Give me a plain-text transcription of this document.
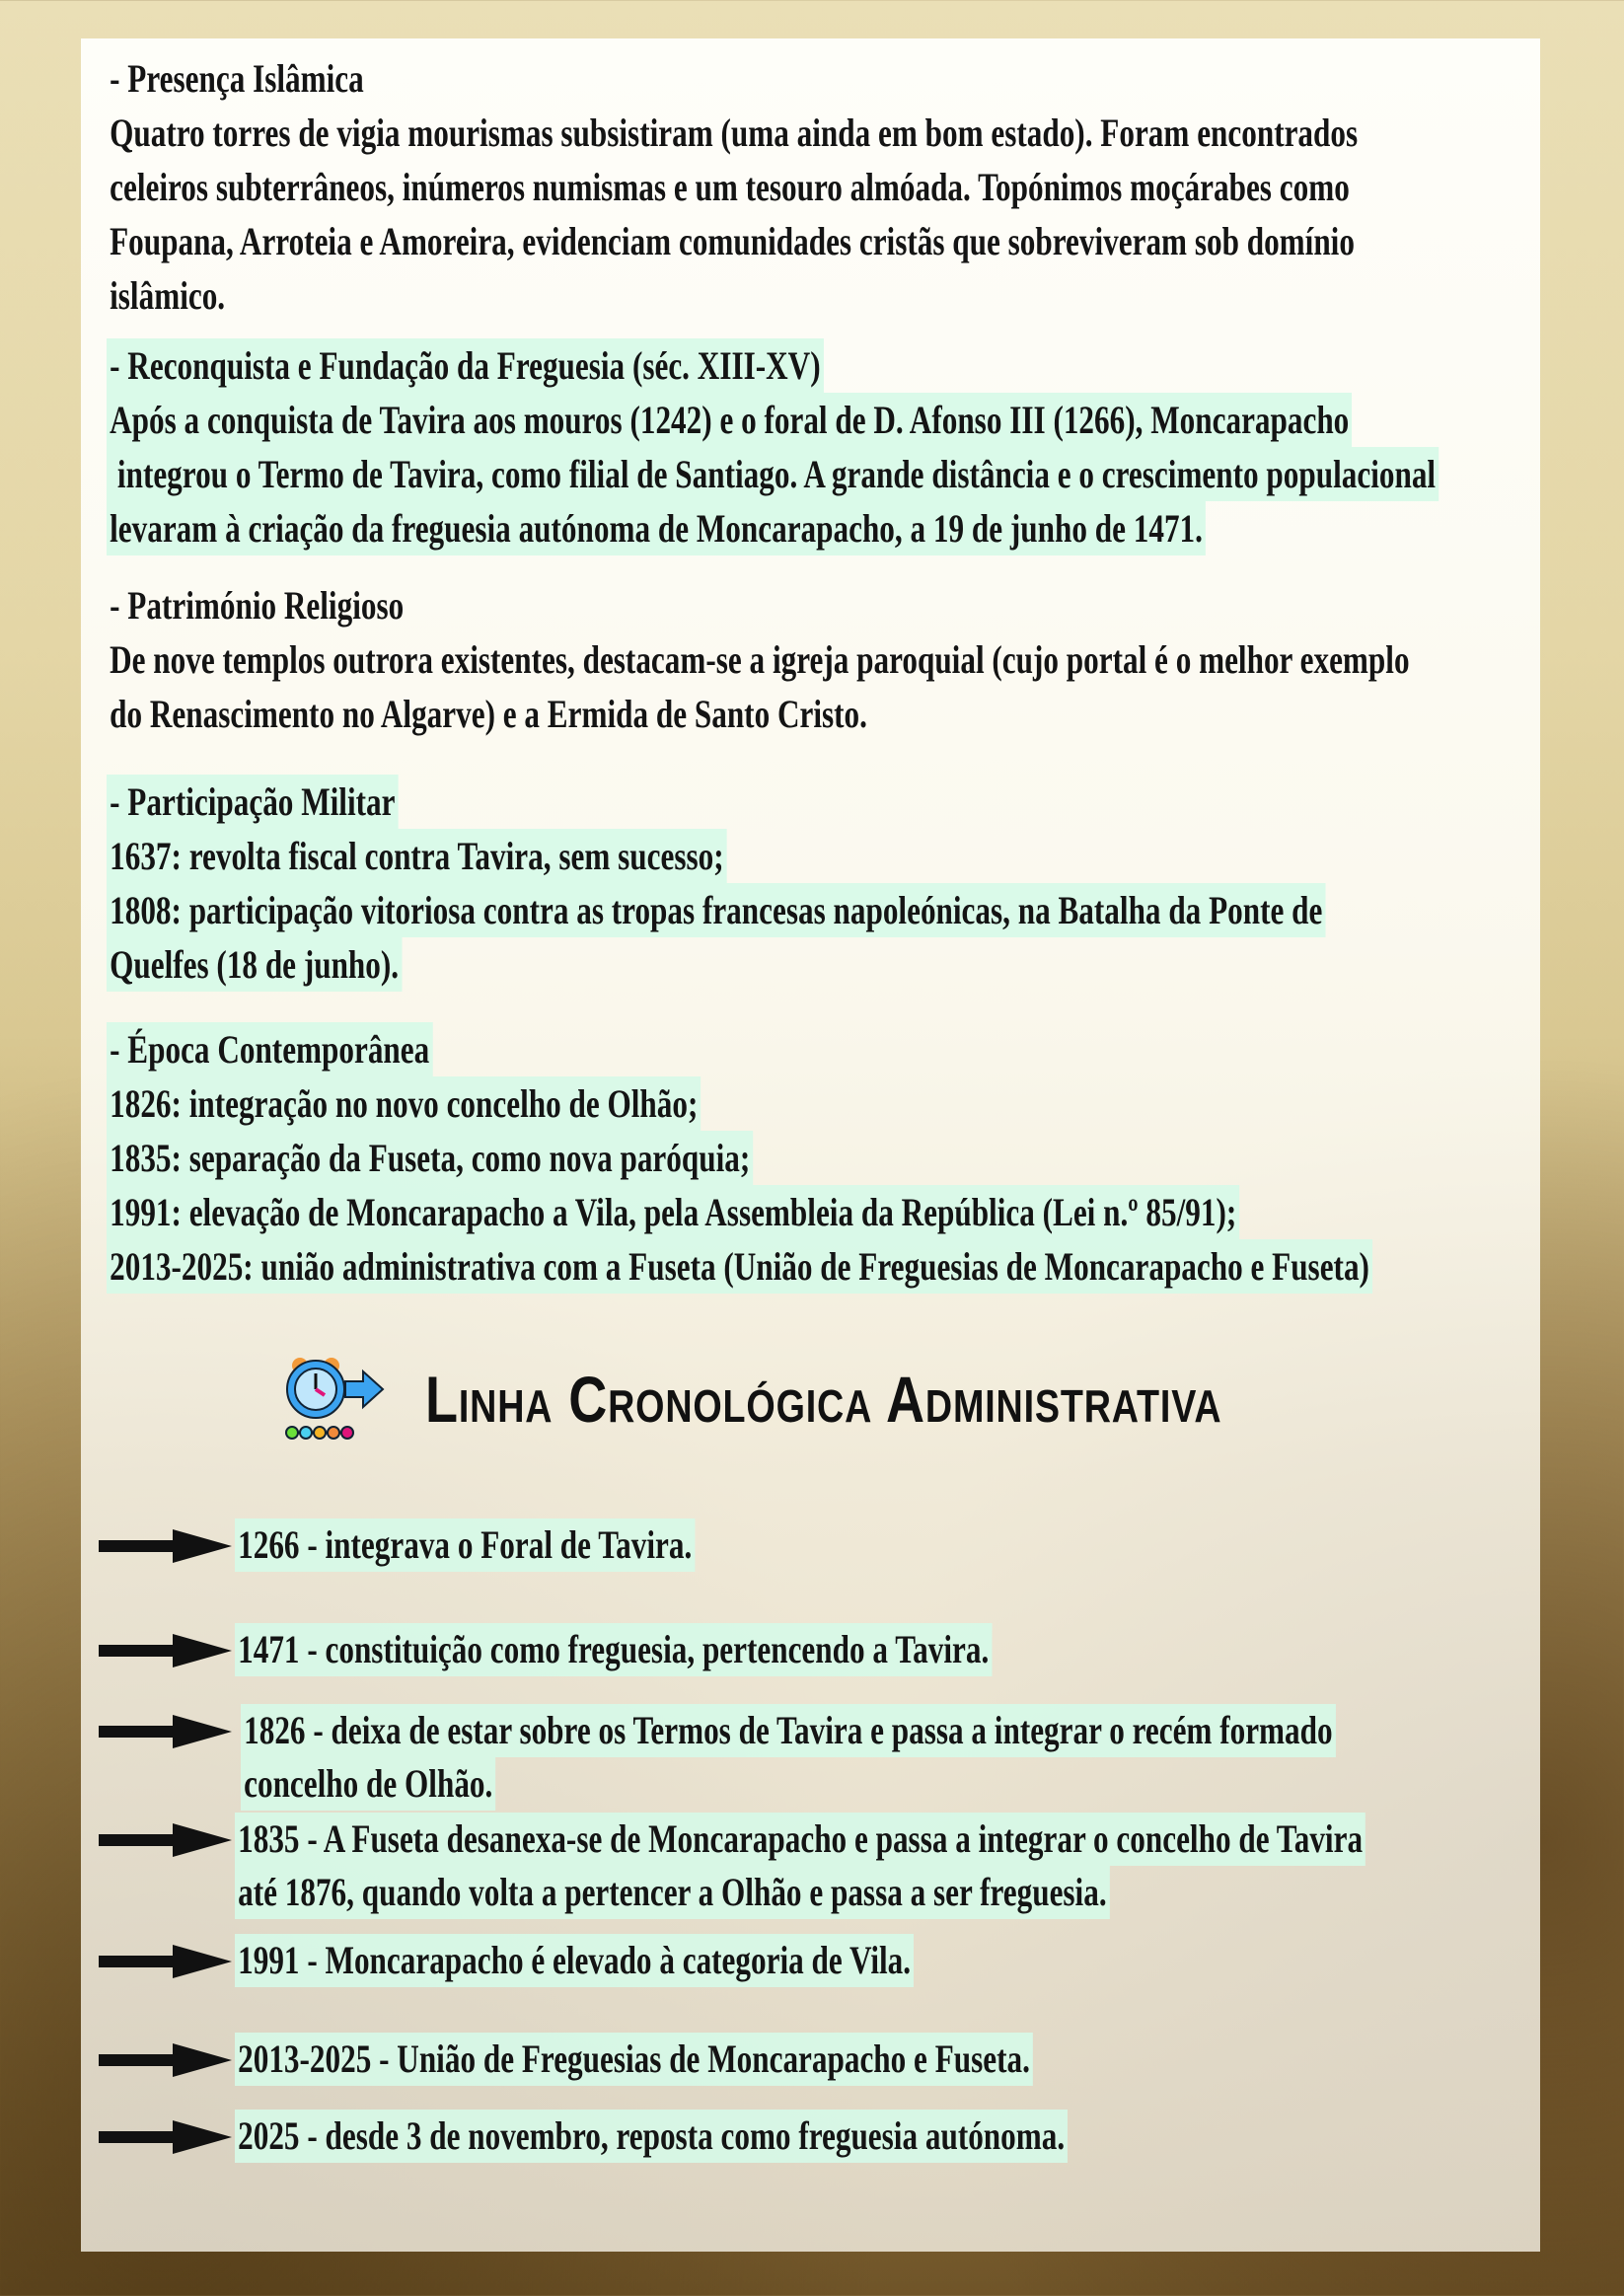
- Presença Islâmica
Quatro torres de vigia mourismas subsistiram (uma ainda em bom estado). Foram encontrados
celeiros subterrâneos, inúmeros numismas e um tesouro almóada. Topónimos moçárabes como
Foupana, Arroteia e Amoreira, evidenciam comunidades cristãs que sobreviveram sob domínio
islâmico.
- Reconquista e Fundação da Freguesia (séc. XIII-XV)
Após a conquista de Tavira aos mouros (1242) e o foral de D. Afonso III (1266), Moncarapacho
integrou o Termo de Tavira, como filial de Santiago. A grande distância e o crescimento populacional
levaram à criação da freguesia autónoma de Moncarapacho, a 19 de junho de 1471.
- Património Religioso
De nove templos outrora existentes, destacam-se a igreja paroquial (cujo portal é o melhor exemplo
do Renascimento no Algarve) e a Ermida de Santo Cristo.
- Participação Militar
1637: revolta fiscal contra Tavira, sem sucesso;
1808: participação vitoriosa contra as tropas francesas napoleónicas, na Batalha da Ponte de
Quelfes (18 de junho).
- Época Contemporânea
1826: integração no novo concelho de Olhão;
1835: separação da Fuseta, como nova paróquia;
1991: elevação de Moncarapacho a Vila, pela Assembleia da República (Lei n.º 85/91);
2013-2025: união administrativa com a Fuseta (União de Freguesias de Moncarapacho e Fuseta)
Linha Cronológica Administrativa
1266 - integrava o Foral de Tavira.
1471 - constituição como freguesia, pertencendo a Tavira.
1826 - deixa de estar sobre os Termos de Tavira e passa a integrar o recém formado
concelho de Olhão.
1835 - A Fuseta desanexa-se de Moncarapacho e passa a integrar o concelho de Tavira
até 1876, quando volta a pertencer a Olhão e passa a ser freguesia.
1991 - Moncarapacho é elevado à categoria de Vila.
2013-2025 - União de Freguesias de Moncarapacho e Fuseta.
2025 - desde 3 de novembro, reposta como freguesia autónoma.
